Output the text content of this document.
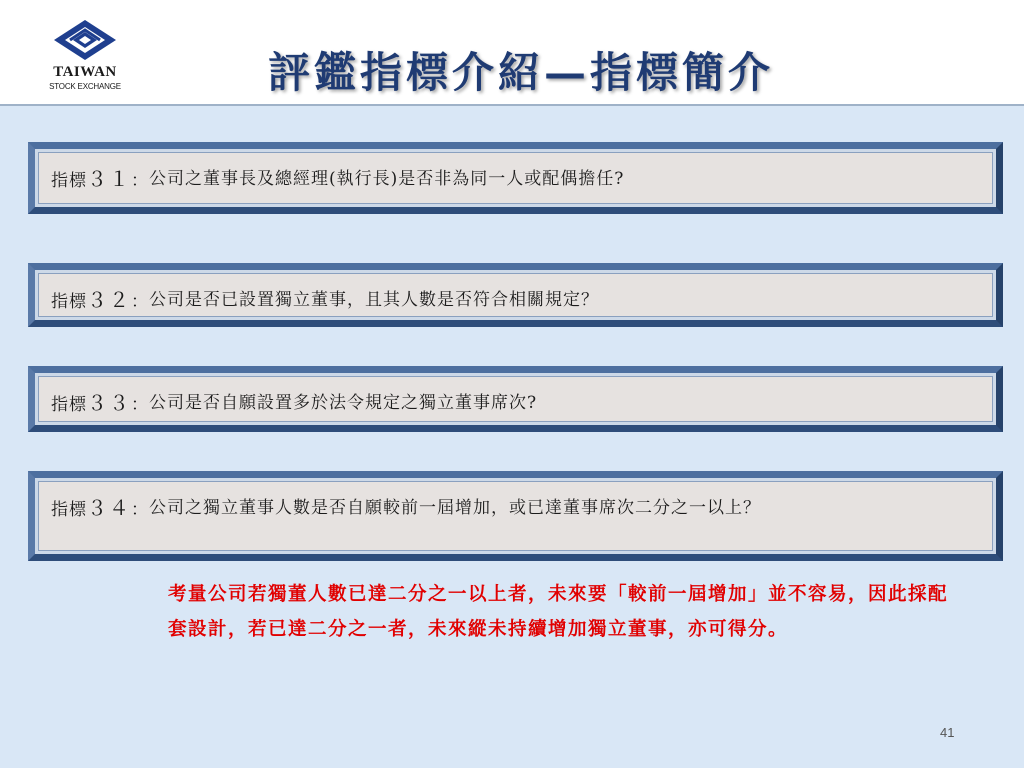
TAIWAN
STOCK EXCHANGE	評鑑指標介紹—指標簡介
指標３１： 公司之董事長及總經理(執行長)是否非為同一人或配偶擔任?
指標３２： 公司是否已設置獨立董事，且其人數是否符合相關規定？
指標３３： 公司是否自願設置多於法令規定之獨立董事席次?
指標３４： 公司之獨立董事人數是否自願較前一屆增加，或已達董事席次二分之一以上？
考量公司若獨董人數已達二分之一以上者，未來要「較前一屆增加」並不容易，因此採配套設計，若已達二分之一者，未來縱未持續增加獨立董事，亦可得分。
41
